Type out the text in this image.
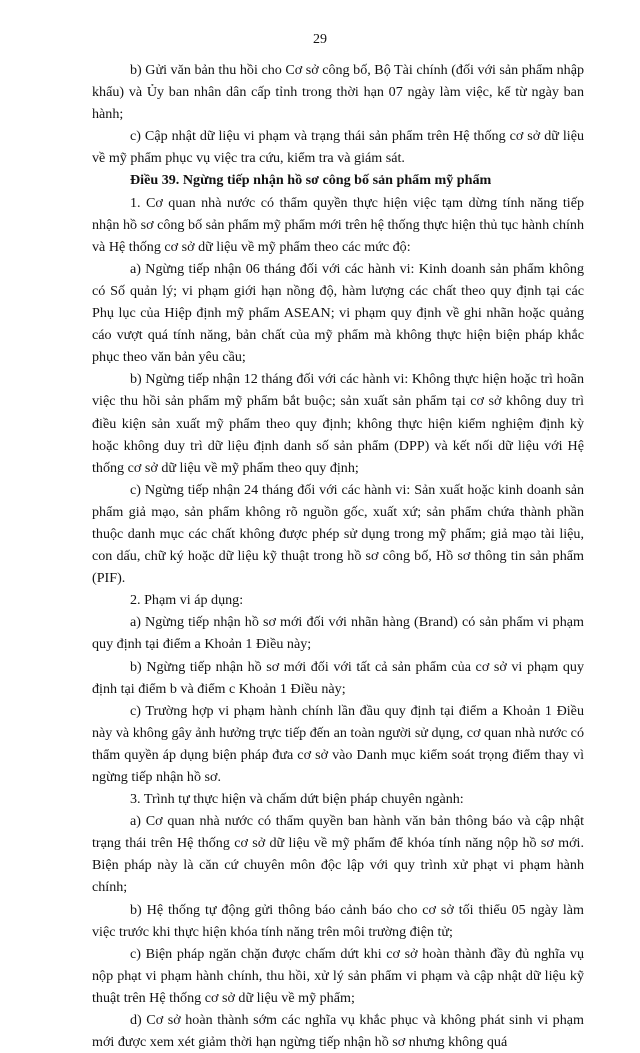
29

b) Gửi văn bản thu hồi cho Cơ sở công bố, Bộ Tài chính (đối với sản phẩm nhập khẩu) và Ủy ban nhân dân cấp tỉnh trong thời hạn 07 ngày làm việc, kể từ ngày ban hành;

c) Cập nhật dữ liệu vi phạm và trạng thái sản phẩm trên Hệ thống cơ sở dữ liệu về mỹ phẩm phục vụ việc tra cứu, kiểm tra và giám sát.

Điều 39. Ngừng tiếp nhận hồ sơ công bố sản phẩm mỹ phẩm

1. Cơ quan nhà nước có thẩm quyền thực hiện việc tạm dừng tính năng tiếp nhận hồ sơ công bố sản phẩm mỹ phẩm mới trên hệ thống thực hiện thủ tục hành chính và Hệ thống cơ sở dữ liệu về mỹ phẩm theo các mức độ:

a) Ngừng tiếp nhận 06 tháng đối với các hành vi: Kinh doanh sản phẩm không có Số quản lý; vi phạm giới hạn nồng độ, hàm lượng các chất theo quy định tại các Phụ lục của Hiệp định mỹ phẩm ASEAN; vi phạm quy định về ghi nhãn hoặc quảng cáo vượt quá tính năng, bản chất của mỹ phẩm mà không thực hiện biện pháp khắc phục theo văn bản yêu cầu;

b) Ngừng tiếp nhận 12 tháng đối với các hành vi: Không thực hiện hoặc trì hoãn việc thu hồi sản phẩm mỹ phẩm bắt buộc; sản xuất sản phẩm tại cơ sở không duy trì điều kiện sản xuất mỹ phẩm theo quy định; không thực hiện kiểm nghiệm định kỳ hoặc không duy trì dữ liệu định danh số sản phẩm (DPP) và kết nối dữ liệu với Hệ thống cơ sở dữ liệu về mỹ phẩm theo quy định;

c) Ngừng tiếp nhận 24 tháng đối với các hành vi: Sản xuất hoặc kinh doanh sản phẩm giả mạo, sản phẩm không rõ nguồn gốc, xuất xứ; sản phẩm chứa thành phần thuộc danh mục các chất không được phép sử dụng trong mỹ phẩm; giả mạo tài liệu, con dấu, chữ ký hoặc dữ liệu kỹ thuật trong hồ sơ công bố, Hồ sơ thông tin sản phẩm (PIF).

2. Phạm vi áp dụng:

a) Ngừng tiếp nhận hồ sơ mới đối với nhãn hàng (Brand) có sản phẩm vi phạm quy định tại điểm a Khoản 1 Điều này;

b) Ngừng tiếp nhận hồ sơ mới đối với tất cả sản phẩm của cơ sở vi phạm quy định tại điểm b và điểm c Khoản 1 Điều này;

c) Trường hợp vi phạm hành chính lần đầu quy định tại điểm a Khoản 1 Điều này và không gây ảnh hưởng trực tiếp đến an toàn người sử dụng, cơ quan nhà nước có thẩm quyền áp dụng biện pháp đưa cơ sở vào Danh mục kiểm soát trọng điểm thay vì ngừng tiếp nhận hồ sơ.

3. Trình tự thực hiện và chấm dứt biện pháp chuyên ngành:

a) Cơ quan nhà nước có thẩm quyền ban hành văn bản thông báo và cập nhật trạng thái trên Hệ thống cơ sở dữ liệu về mỹ phẩm để khóa tính năng nộp hồ sơ mới. Biện pháp này là căn cứ chuyên môn độc lập với quy trình xử phạt vi phạm hành chính;

b) Hệ thống tự động gửi thông báo cảnh báo cho cơ sở tối thiểu 05 ngày làm việc trước khi thực hiện khóa tính năng trên môi trường điện tử;

c) Biện pháp ngăn chặn được chấm dứt khi cơ sở hoàn thành đầy đủ nghĩa vụ nộp phạt vi phạm hành chính, thu hồi, xử lý sản phẩm vi phạm và cập nhật dữ liệu kỹ thuật trên Hệ thống cơ sở dữ liệu về mỹ phẩm;

d) Cơ sở hoàn thành sớm các nghĩa vụ khắc phục và không phát sinh vi phạm mới được xem xét giảm thời hạn ngừng tiếp nhận hồ sơ nhưng không quá
